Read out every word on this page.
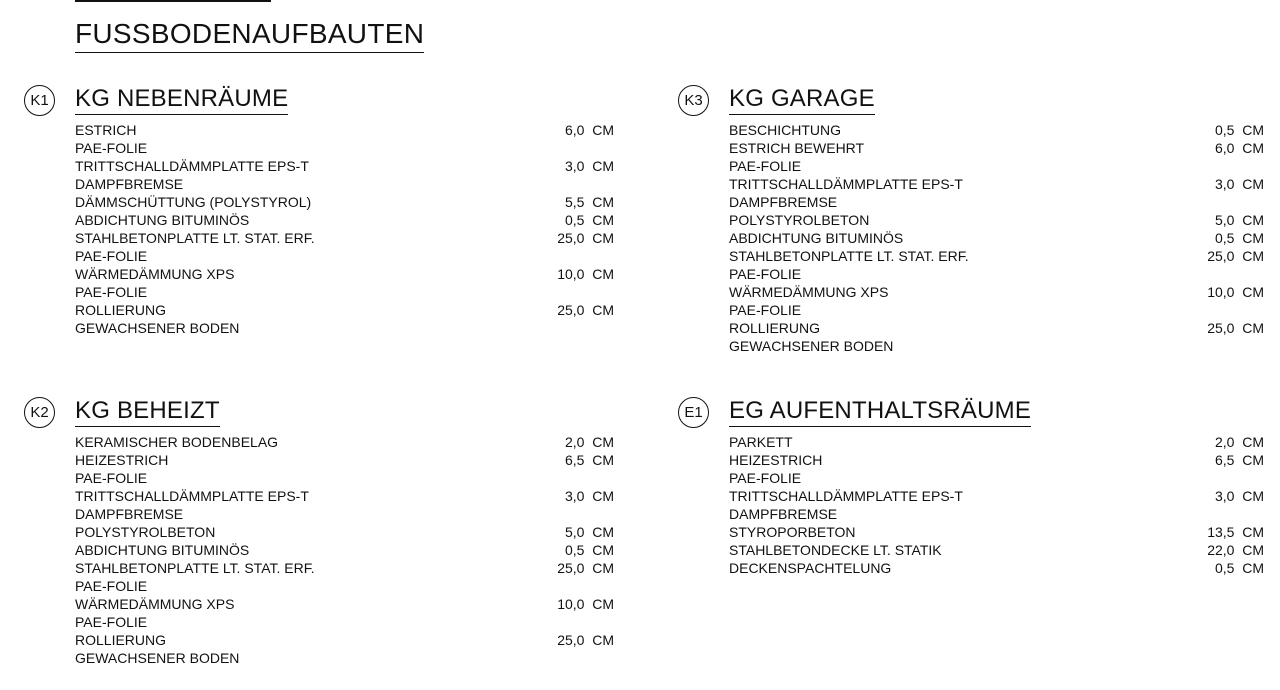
FUSSBODENAUFBAUTEN
K1 KG NEBENRÄUME
ESTRICH	6,0  CM
PAE-FOLIE
TRITTSCHALLDÄMMPLATTE EPS-T	3,0  CM
DAMPFBREMSE
DÄMMSCHÜTTUNG (POLYSTYROL)	5,5  CM
ABDICHTUNG BITUMINÖS	0,5  CM
STAHLBETONPLATTE LT. STAT. ERF.	25,0  CM
PAE-FOLIE
WÄRMEDÄMMUNG XPS	10,0  CM
PAE-FOLIE
ROLLIERUNG	25,0  CM
GEWACHSENER BODEN
K2 KG BEHEIZT
KERAMISCHER BODENBELAG	2,0  CM
HEIZESTRICH	6,5  CM
PAE-FOLIE
TRITTSCHALLDÄMMPLATTE EPS-T	3,0  CM
DAMPFBREMSE
POLYSTYROLBETON	5,0  CM
ABDICHTUNG BITUMINÖS	0,5  CM
STAHLBETONPLATTE LT. STAT. ERF.	25,0  CM
PAE-FOLIE
WÄRMEDÄMMUNG XPS	10,0  CM
PAE-FOLIE
ROLLIERUNG	25,0  CM
GEWACHSENER BODEN
K3 KG GARAGE
BESCHICHTUNG	0,5  CM
ESTRICH BEWEHRT	6,0  CM
PAE-FOLIE
TRITTSCHALLDÄMMPLATTE EPS-T	3,0  CM
DAMPFBREMSE
POLYSTYROLBETON	5,0  CM
ABDICHTUNG BITUMINÖS	0,5  CM
STAHLBETONPLATTE LT. STAT. ERF.	25,0  CM
PAE-FOLIE
WÄRMEDÄMMUNG XPS	10,0  CM
PAE-FOLIE
ROLLIERUNG	25,0  CM
GEWACHSENER BODEN
E1 EG AUFENTHALTSRÄUME
PARKETT	2,0  CM
HEIZESTRICH	6,5  CM
PAE-FOLIE
TRITTSCHALLDÄMMPLATTE EPS-T	3,0  CM
DAMPFBREMSE
STYROPORBETON	13,5  CM
STAHLBETONDECKE LT. STATIK	22,0  CM
DECKENSPACHTELUNG	0,5  CM
